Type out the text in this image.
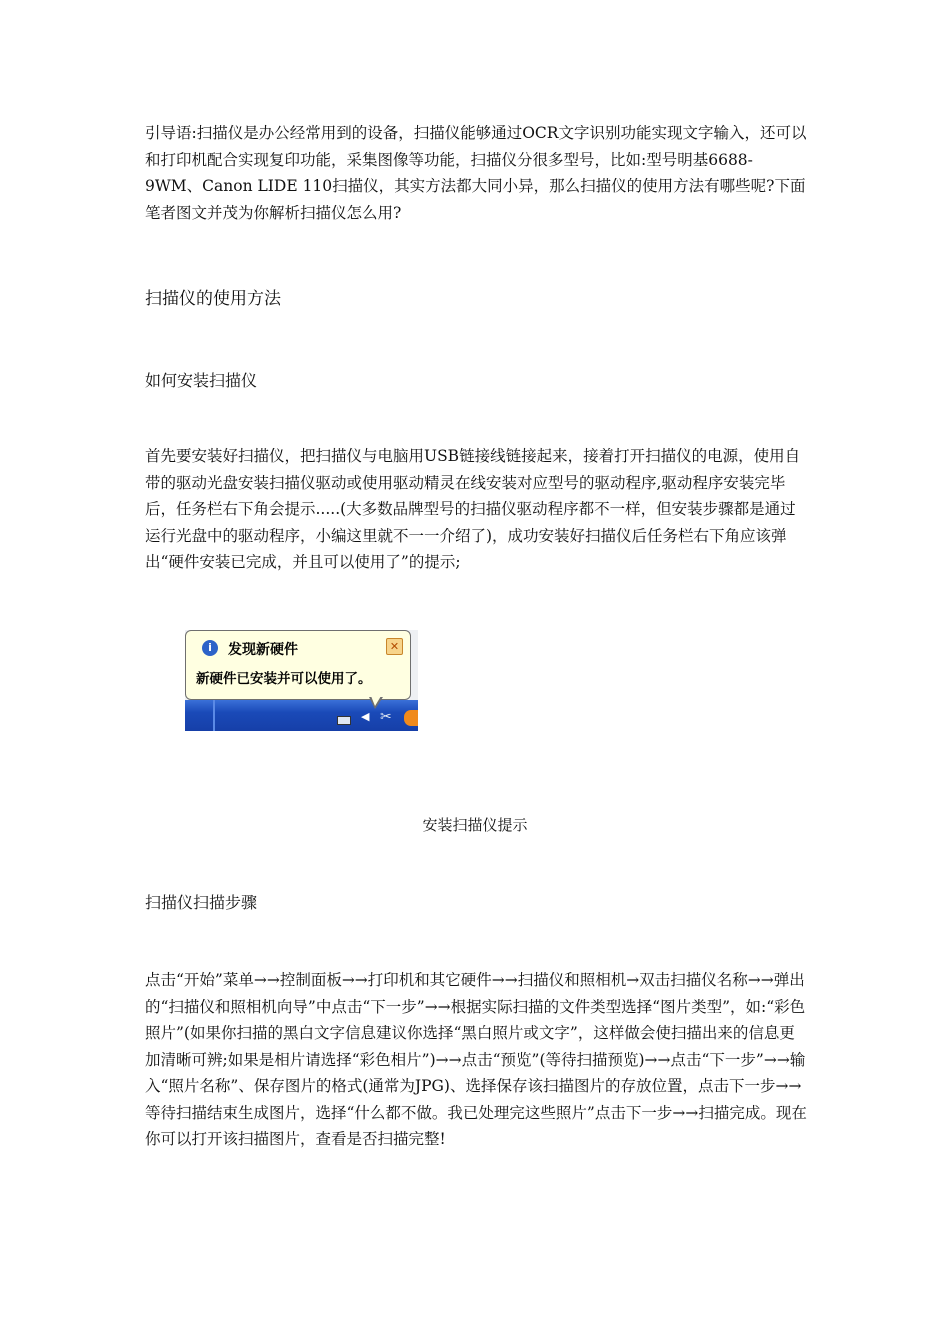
引导语:扫描仪是办公经常用到的设备，扫描仪能够通过OCR文字识别功能实现文字输入，还可以和打印机配合实现复印功能，采集图像等功能，扫描仪分很多型号，比如:型号明基6688-9WM、Canon LIDE 110扫描仪，其实方法都大同小异，那么扫描仪的使用方法有哪些呢?下面笔者图文并茂为你解析扫描仪怎么用?

扫描仪的使用方法

如何安装扫描仪

首先要安装好扫描仪，把扫描仪与电脑用USB链接线链接起来，接着打开扫描仪的电源，使用自带的驱动光盘安装扫描仪驱动或使用驱动精灵在线安装对应型号的驱动程序,驱动程序安装完毕后，任务栏右下角会提示.....(大多数品牌型号的扫描仪驱动程序都不一样，但安装步骤都是通过运行光盘中的驱动程序，小编这里就不一一介绍了)，成功安装好扫描仪后任务栏右下角应该弹出“硬件安装已完成，并且可以使用了”的提示;

i	发现新硬件	✕
新硬件已安装并可以使用了。
◀ ✂

安装扫描仪提示

扫描仪扫描步骤

点击“开始”菜单→→控制面板→→打印机和其它硬件→→扫描仪和照相机→双击扫描仪名称→→弹出的“扫描仪和照相机向导”中点击“下一步”→→根据实际扫描的文件类型选择“图片类型”，如:“彩色照片”(如果你扫描的黑白文字信息建议你选择“黑白照片或文字”，这样做会使扫描出来的信息更加清晰可辨;如果是相片请选择“彩色相片”)→→点击“预览”(等待扫描预览)→→点击“下一步”→→输入“照片名称”、保存图片的格式(通常为JPG)、选择保存该扫描图片的存放位置，点击下一步→→等待扫描结束生成图片，选择“什么都不做。我已处理完这些照片”点击下一步→→扫描完成。现在你可以打开该扫描图片，查看是否扫描完整!
